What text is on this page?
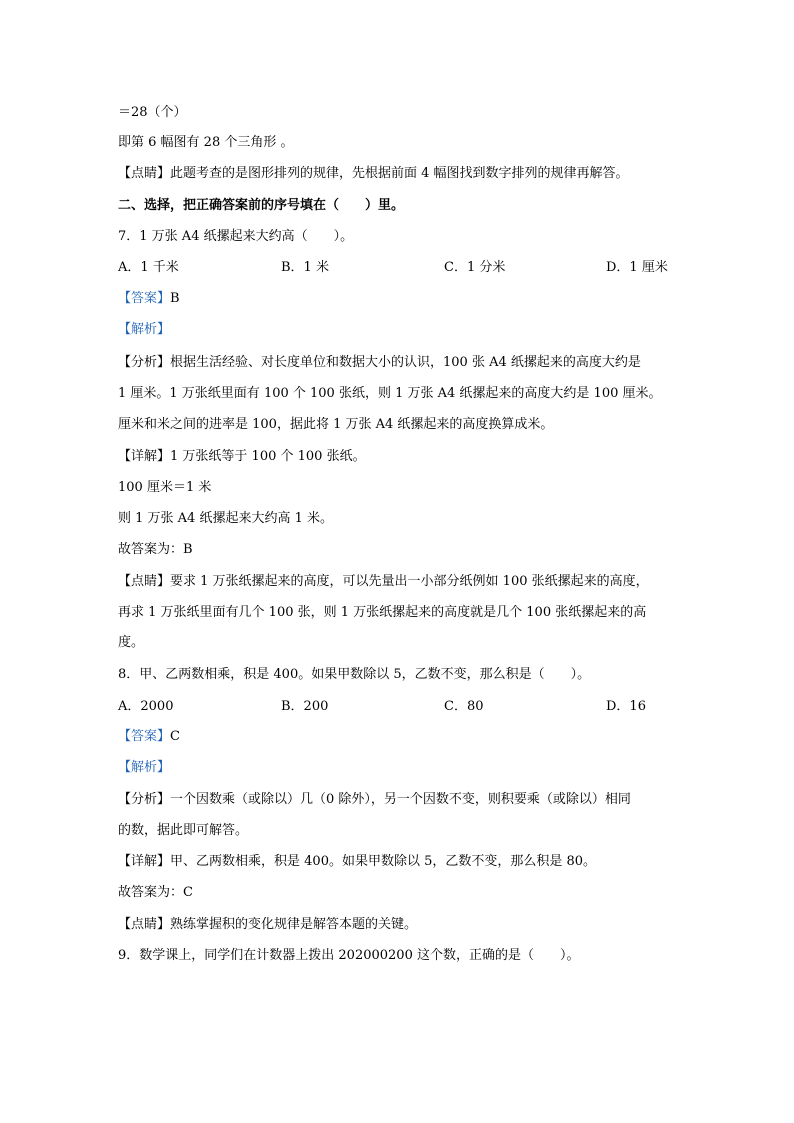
＝28（个）
即第 6 幅图有 28 个三角形 。
【点睛】此题考查的是图形排列的规律，先根据前面 4 幅图找到数字排列的规律再解答。
二、选择，把正确答案前的序号填在（　　）里。
7．1 万张 A4 纸摞起来大约高（　　）。
A．1 千米	B．1 米	C．1 分米	D．1 厘米
【答案】B
【解析】
【分析】根据生活经验、对长度单位和数据大小的认识，100 张 A4 纸摞起来的高度大约是
1 厘米。1 万张纸里面有 100 个 100 张纸，则 1 万张 A4 纸摞起来的高度大约是 100 厘米。
厘米和米之间的进率是 100，据此将 1 万张 A4 纸摞起来的高度换算成米。
【详解】1 万张纸等于 100 个 100 张纸。
100 厘米＝1 米
则 1 万张 A4 纸摞起来大约高 1 米。
故答案为：B
【点睛】要求 1 万张纸摞起来的高度，可以先量出一小部分纸例如 100 张纸摞起来的高度，
再求 1 万张纸里面有几个 100 张，则 1 万张纸摞起来的高度就是几个 100 张纸摞起来的高
度。
8．甲、乙两数相乘，积是 400。如果甲数除以 5，乙数不变，那么积是（　　）。
A．2000	B．200	C．80	D．16
【答案】C
【解析】
【分析】一个因数乘（或除以）几（0 除外），另一个因数不变，则积要乘（或除以）相同
的数，据此即可解答。
【详解】甲、乙两数相乘，积是 400。如果甲数除以 5，乙数不变，那么积是 80。
故答案为：C
【点睛】熟练掌握积的变化规律是解答本题的关键。
9．数学课上，同学们在计数器上拨出 202000200 这个数，正确的是（　　）。
